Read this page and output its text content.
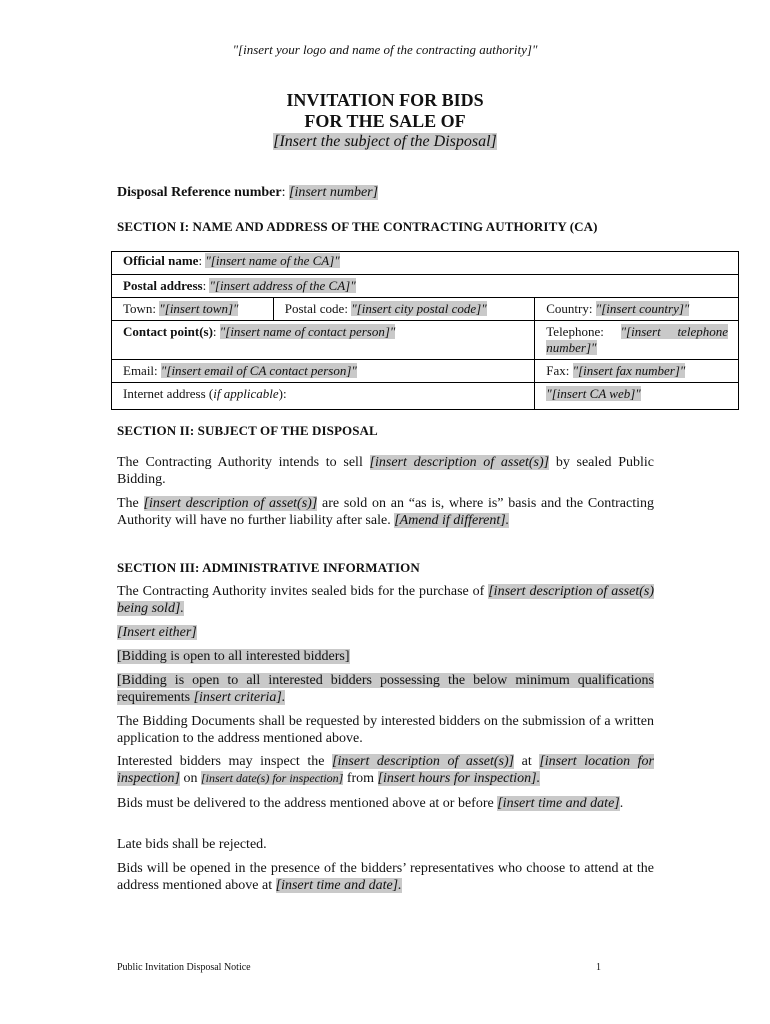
"[insert your logo and name of the contracting authority]"
INVITATION FOR BIDS
FOR THE SALE OF
[Insert the subject of the Disposal]
Disposal Reference number: [insert number]
SECTION I: NAME AND ADDRESS OF THE CONTRACTING AUTHORITY (CA)
Official name: "[insert name of the CA]"		
Postal address: "[insert address of the CA]"		
Town: "[insert town]"	Postal code: "[insert city postal code]"	Country: "[insert country]"
Contact point(s): "[insert name of contact person]"		Telephone: "[insert telephone number]"
Email: "[insert email of CA contact person]"		Fax: "[insert fax number]"
Internet address (if applicable):		"[insert CA web]"
SECTION II: SUBJECT OF THE DISPOSAL

The Contracting Authority intends to sell [insert description of asset(s)] by sealed Public Bidding.

The [insert description of asset(s)] are sold on an “as is, where is” basis and the Contracting Authority will have no further liability after sale. [Amend if different].

SECTION III: ADMINISTRATIVE INFORMATION

The Contracting Authority invites sealed bids for the purchase of [insert description of asset(s) being sold].

[Insert either]

[Bidding is open to all interested bidders]

[Bidding is open to all interested bidders possessing the below minimum qualifications requirements [insert criteria].

The Bidding Documents shall be requested by interested bidders on the submission of a written application to the address mentioned above.

Interested bidders may inspect the [insert description of asset(s)] at [insert location for inspection] on [insert date(s) for inspection] from [insert hours for inspection].

Bids must be delivered to the address mentioned above at or before [insert time and date].

Late bids shall be rejected.

Bids will be opened in the presence of the bidders’ representatives who choose to attend at the address mentioned above at [insert time and date].

Public Invitation Disposal Notice	1
